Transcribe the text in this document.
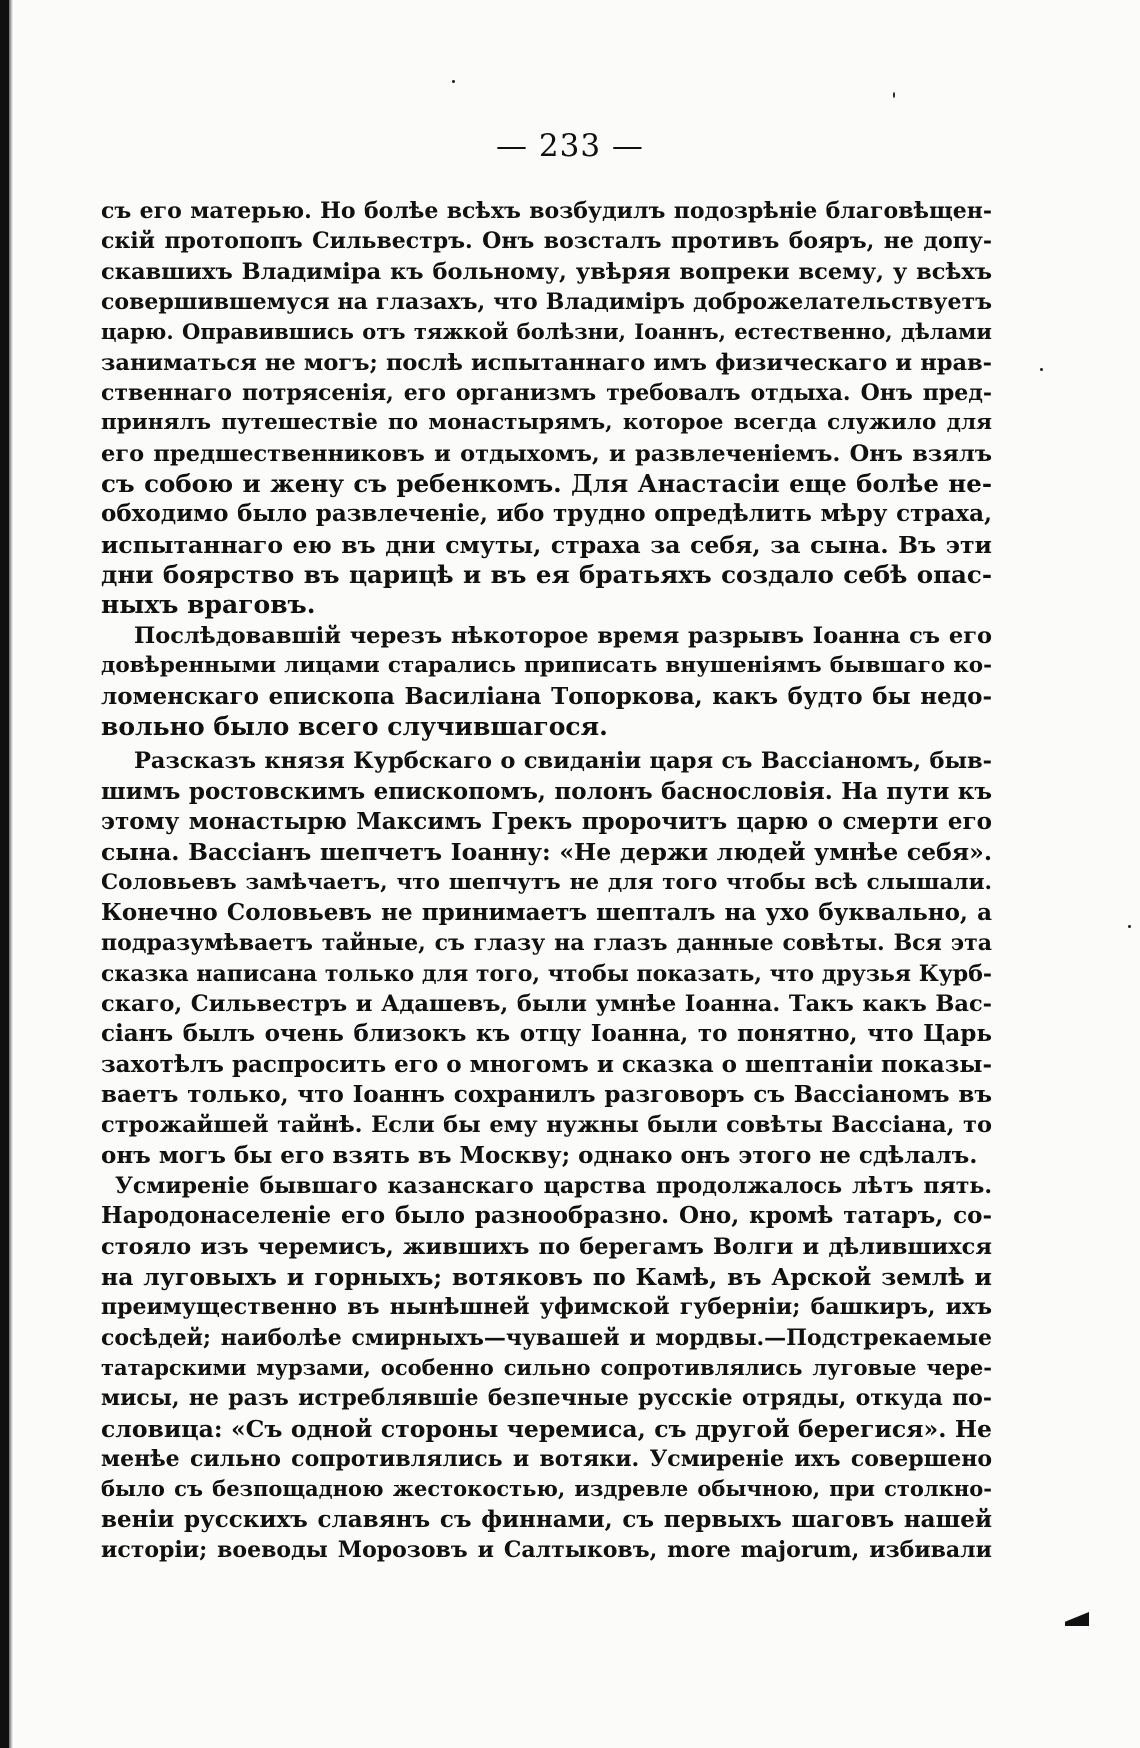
— 233 —
съ его матерью. Но болѣе всѣхъ возбудилъ подозрѣніе благовѣщен-
скій протопопъ Сильвестръ. Онъ возсталъ противъ бояръ, не допу-
скавшихъ Владиміра къ больному, увѣряя вопреки всему, у всѣхъ
совершившемуся на глазахъ, что Владиміръ доброжелательствуетъ
царю. Оправившись отъ тяжкой болѣзни, Іоаннъ, естественно, дѣлами
заниматься не могъ; послѣ испытаннаго имъ физическаго и нрав-
ственнаго потрясенія, его организмъ требовалъ отдыха. Онъ пред-
принялъ путешествіе по монастырямъ, которое всегда служило для
его предшественниковъ и отдыхомъ, и развлеченіемъ. Онъ взялъ
съ собою и жену съ ребенкомъ. Для Анастасіи еще болѣе не-
обходимо было развлеченіе, ибо трудно опредѣлить мѣру страха,
испытаннаго ею въ дни смуты, страха за себя, за сына. Въ эти
дни боярство въ царицѣ и въ ея братьяхъ создало себѣ опас-
ныхъ враговъ.
Послѣдовавшій черезъ нѣкоторое время разрывъ Іоанна съ его
довѣренными лицами старались приписать внушеніямъ бывшаго ко-
ломенскаго епископа Василіана Топоркова, какъ будто бы недо-
вольно было всего случившагося.
Разсказъ князя Курбскаго о свиданіи царя съ Вассіаномъ, быв-
шимъ ростовскимъ епископомъ, полонъ баснословія. На пути къ
этому монастырю Максимъ Грекъ пророчитъ царю о смерти его
сына. Вассіанъ шепчетъ Іоанну: «Не держи людей умнѣе себя».
Соловьевъ замѣчаетъ, что шепчутъ не для того чтобы всѣ слышали.
Конечно Соловьевъ не принимаетъ шепталъ на ухо буквально, а
подразумѣваетъ тайные, съ глазу на глазъ данные совѣты. Вся эта
сказка написана только для того, чтобы показать, что друзья Курб-
скаго, Сильвестръ и Адашевъ, были умнѣе Іоанна. Такъ какъ Вас-
сіанъ былъ очень близокъ къ отцу Іоанна, то понятно, что Царь
захотѣлъ распросить его о многомъ и сказка о шептаніи показы-
ваетъ только, что Іоаннъ сохранилъ разговоръ съ Вассіаномъ въ
строжайшей тайнѣ. Если бы ему нужны были совѣты Вассіана, то
онъ могъ бы его взять въ Москву; однако онъ этого не сдѣлалъ.
Усмиреніе бывшаго казанскаго царства продолжалось лѣтъ пять.
Народонаселеніе его было разнообразно. Оно, кромѣ татаръ, со-
стояло изъ черемисъ, жившихъ по берегамъ Волги и дѣлившихся
на луговыхъ и горныхъ; вотяковъ по Камѣ, въ Арской землѣ и
преимущественно въ нынѣшней уфимской губерніи; башкиръ, ихъ
сосѣдей; наиболѣе смирныхъ—чувашей и мордвы.—Подстрекаемые
татарскими мурзами, особенно сильно сопротивлялись луговые чере-
мисы, не разъ истреблявшіе безпечные русскіе отряды, откуда по-
словица: «Съ одной стороны черемиса, съ другой берегися». Не
менѣе сильно сопротивлялись и вотяки. Усмиреніе ихъ совершено
было съ безпощадною жестокостью, издревле обычною, при столкно-
веніи русскихъ славянъ съ финнами, съ первыхъ шаговъ нашей
исторіи; воеводы Морозовъ и Салтыковъ, more majorum, избивали
